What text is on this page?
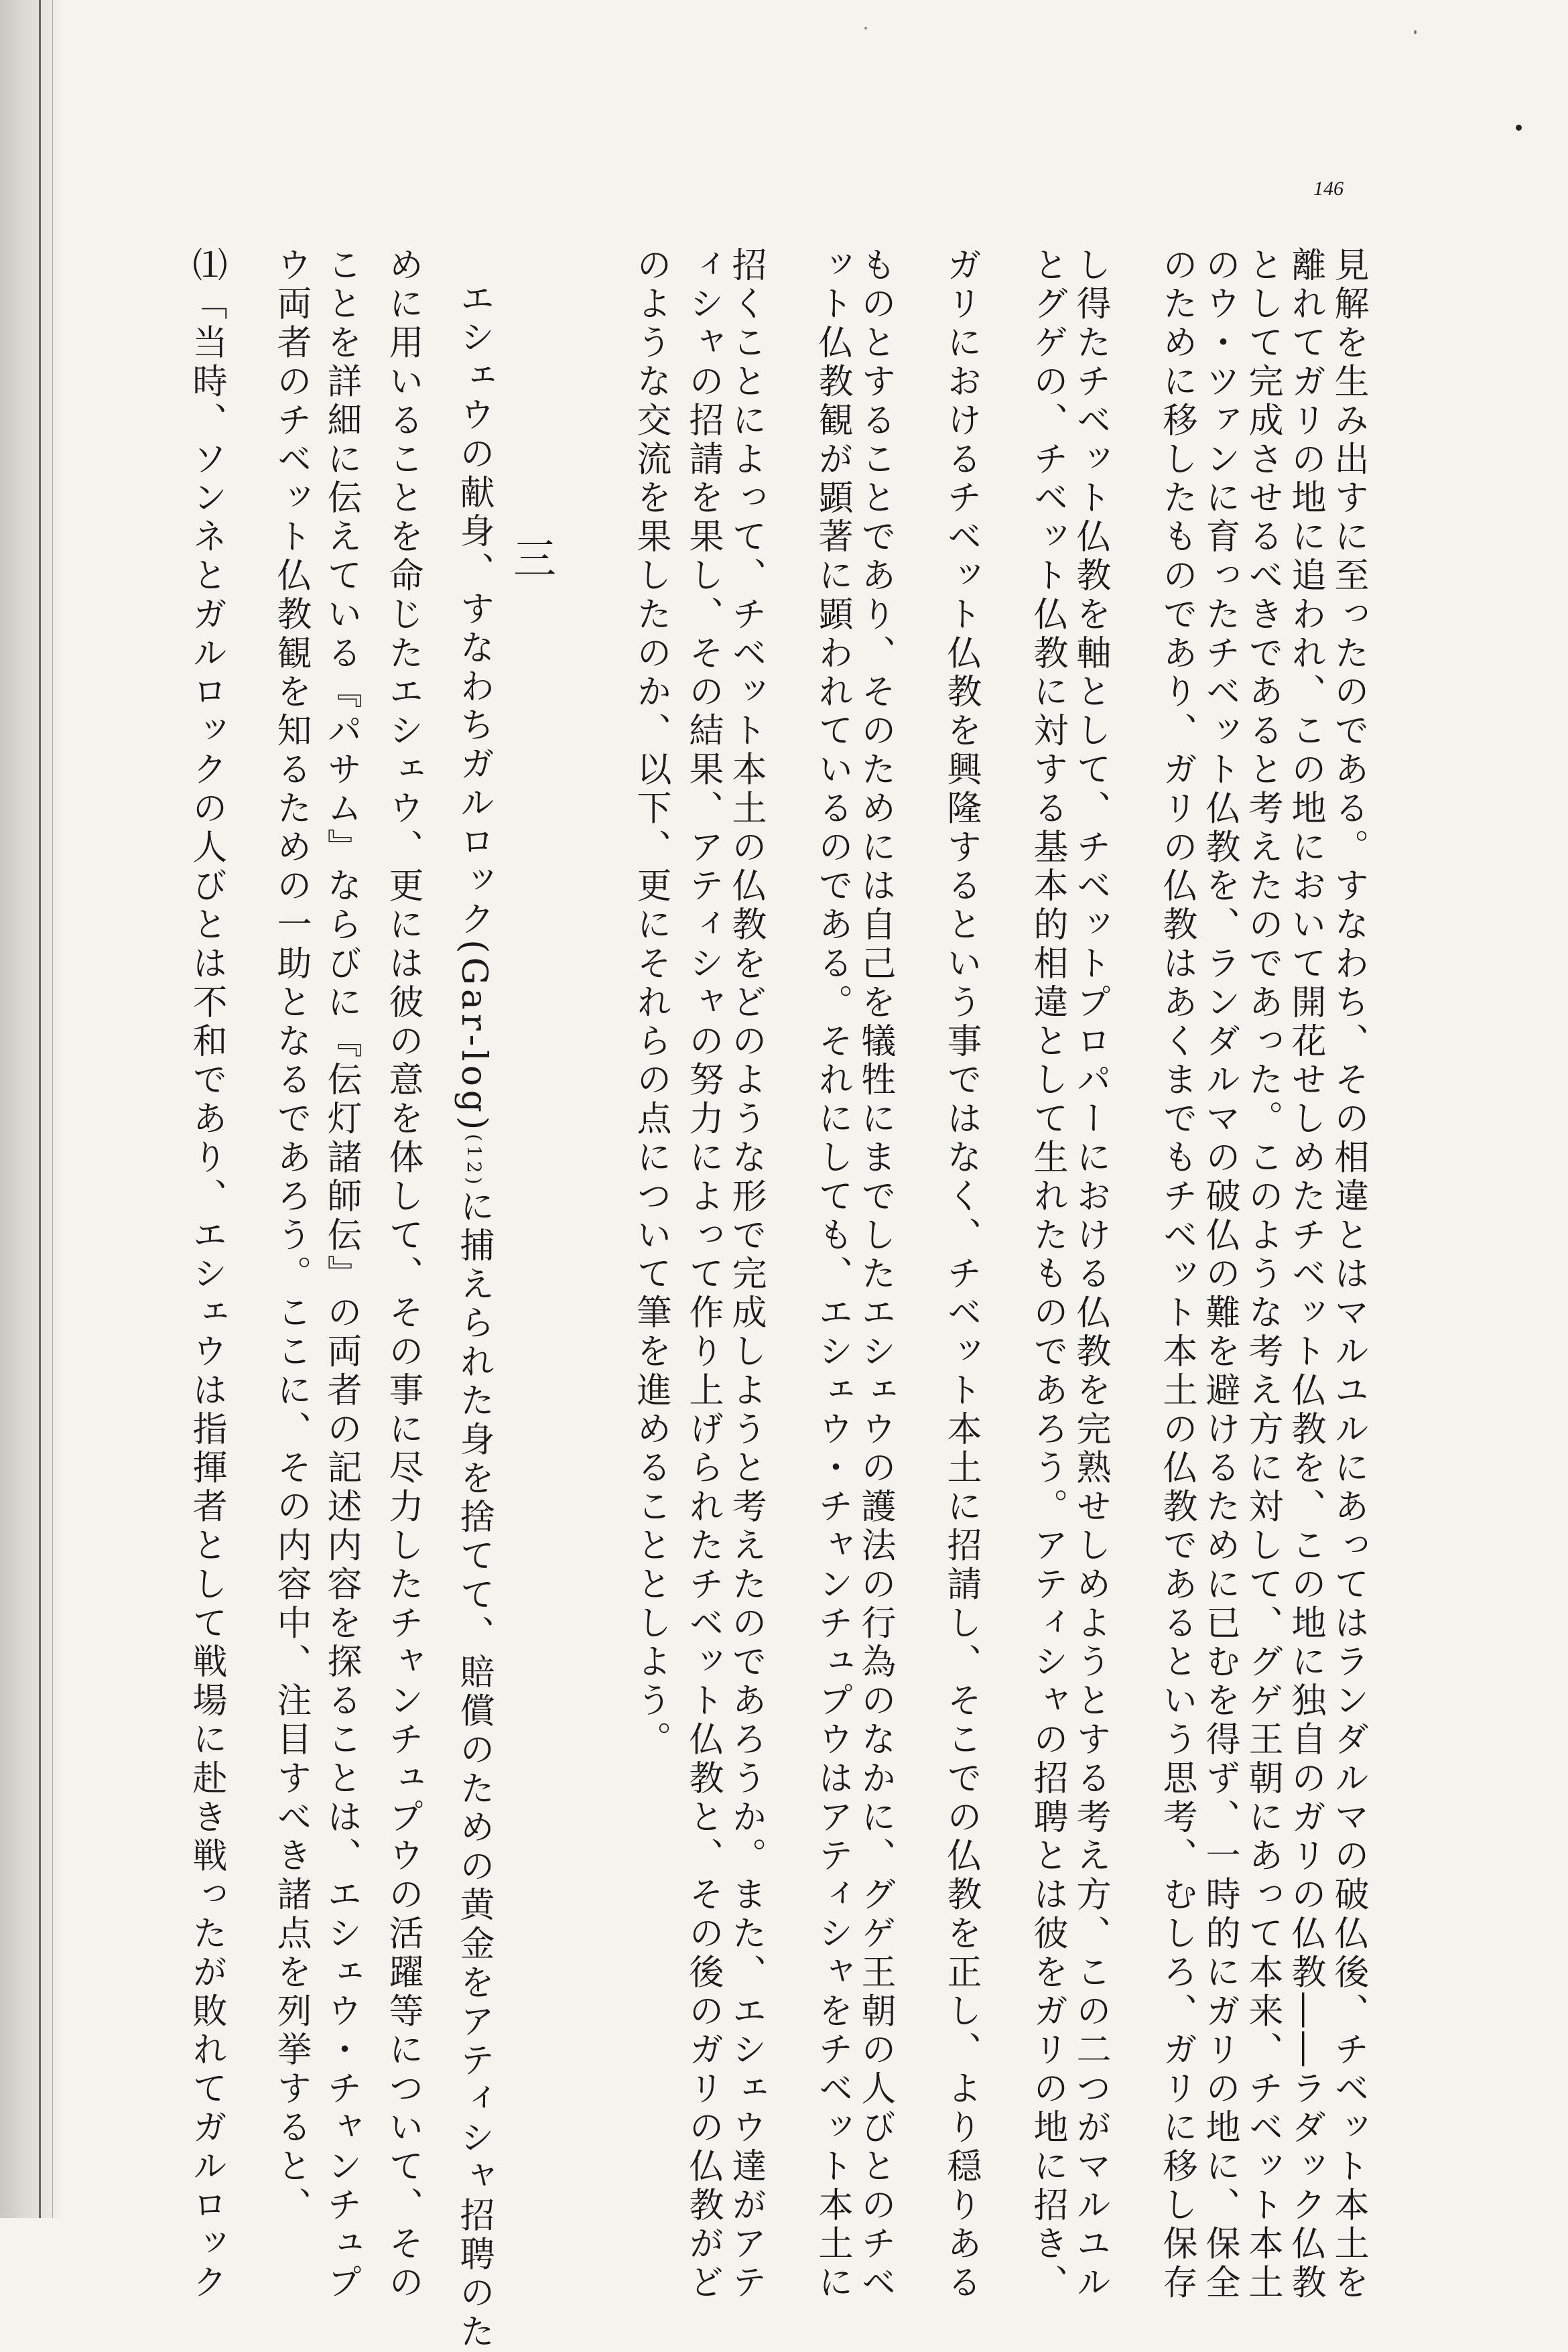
146
見解を生み出すに至ったのである。すなわち、その相違とはマルユルにあってはランダルマの破仏後、チベット本土を
離れてガリの地に追われ、この地において開花せしめたチベット仏教を、この地に独自のガリの仏教――ラダック仏教
として完成させるべきであると考えたのであった。このような考え方に対して、グゲ王朝にあって本来、チベット本土
のウ・ツァンに育ったチベット仏教を、ランダルマの破仏の難を避けるために已むを得ず、一時的にガリの地に、保全
のために移したものであり、ガリの仏教はあくまでもチベット本土の仏教であるという思考、むしろ、ガリに移し保存
し得たチベット仏教を軸として、チベットプロパーにおける仏教を完熟せしめようとする考え方、この二つがマルユル
とグゲの、チベット仏教に対する基本的相違として生れたものであろう。アティシャの招聘とは彼をガリの地に招き、
ガリにおけるチベット仏教を興隆するという事ではなく、チベット本土に招請し、そこでの仏教を正し、より穏りある
ものとすることであり、そのためには自己を犠牲にまでしたエシェウの護法の行為のなかに、グゲ王朝の人びとのチベ
ット仏教観が顕著に顕われているのである。それにしても、エシェウ・チャンチュプウはアティシャをチベット本土に
招くことによって、チベット本土の仏教をどのような形で完成しようと考えたのであろうか。また、エシェウ達がアテ
ィシャの招請を果し、その結果、アティシャの努力によって作り上げられたチベット仏教と、その後のガリの仏教がど
のような交流を果したのか、以下、更にそれらの点について筆を進めることとしよう。
三
エシェウの献身、すなわちガルロック(Gar-log)(12)に捕えられた身を捨てて、賠償のための黄金をアティシャ招聘のた
めに用いることを命じたエシェウ、更には彼の意を体して、その事に尽力したチャンチュプウの活躍等について、その
ことを詳細に伝えている『パサム』ならびに『伝灯諸師伝』の両者の記述内容を探ることは、エシェウ・チャンチュプ
ウ両者のチベット仏教観を知るための一助となるであろう。ここに、その内容中、注目すべき諸点を列挙すると、
⑴「当時、ソンネとガルロックの人びとは不和であり、エシェウは指揮者として戦場に赴き戦ったが敗れてガルロック
